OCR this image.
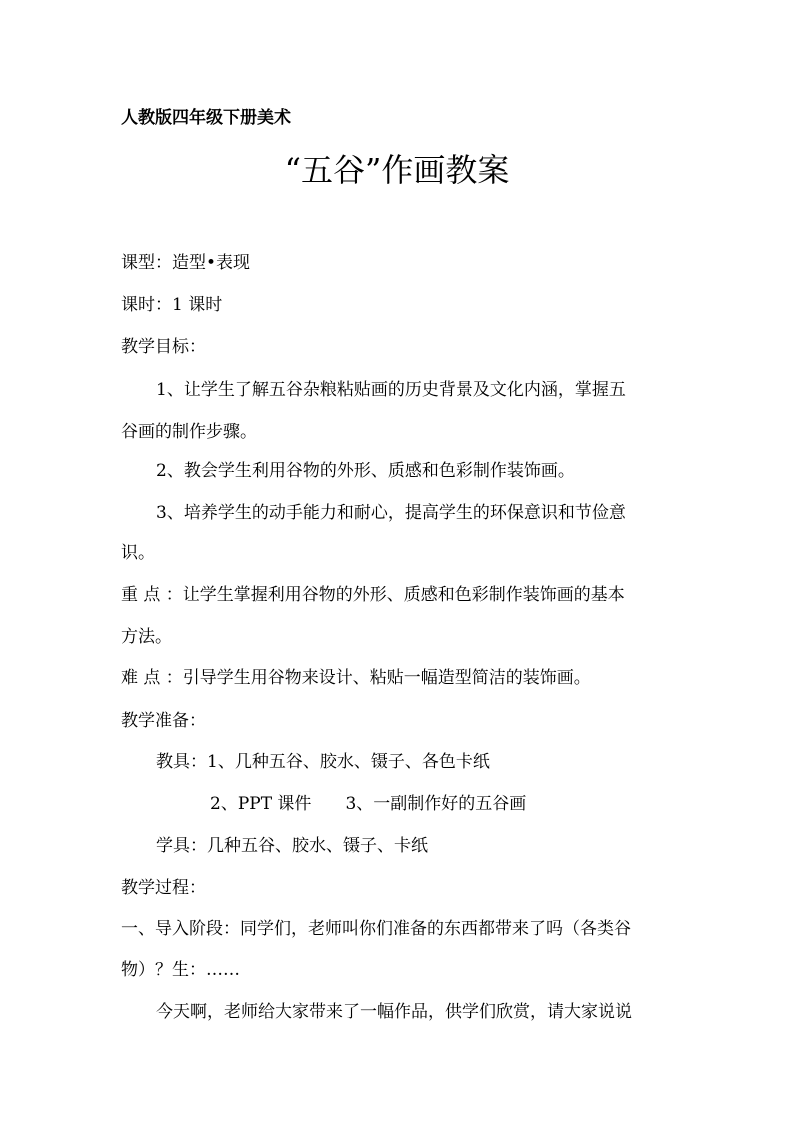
人教版四年级下册美术
“五谷”作画教案
课型：造型•表现
课时：1 课时
教学目标：
1、让学生了解五谷杂粮粘贴画的历史背景及文化内涵，掌握五
谷画的制作步骤。
2、教会学生利用谷物的外形、质感和色彩制作装饰画。
3、培养学生的动手能力和耐心，提高学生的环保意识和节俭意
识。
重 点 ：让学生掌握利用谷物的外形、质感和色彩制作装饰画的基本
方法。
难 点 ：引导学生用谷物来设计、粘贴一幅造型简洁的装饰画。
教学准备：
教具：1、几种五谷、胶水、镊子、各色卡纸
2、PPT 课件 3、一副制作好的五谷画
学具：几种五谷、胶水、镊子、卡纸
教学过程：
一、导入阶段：同学们，老师叫你们准备的东西都带来了吗（各类谷
物）？生：……
今天啊，老师给大家带来了一幅作品，供学们欣赏，请大家说说
